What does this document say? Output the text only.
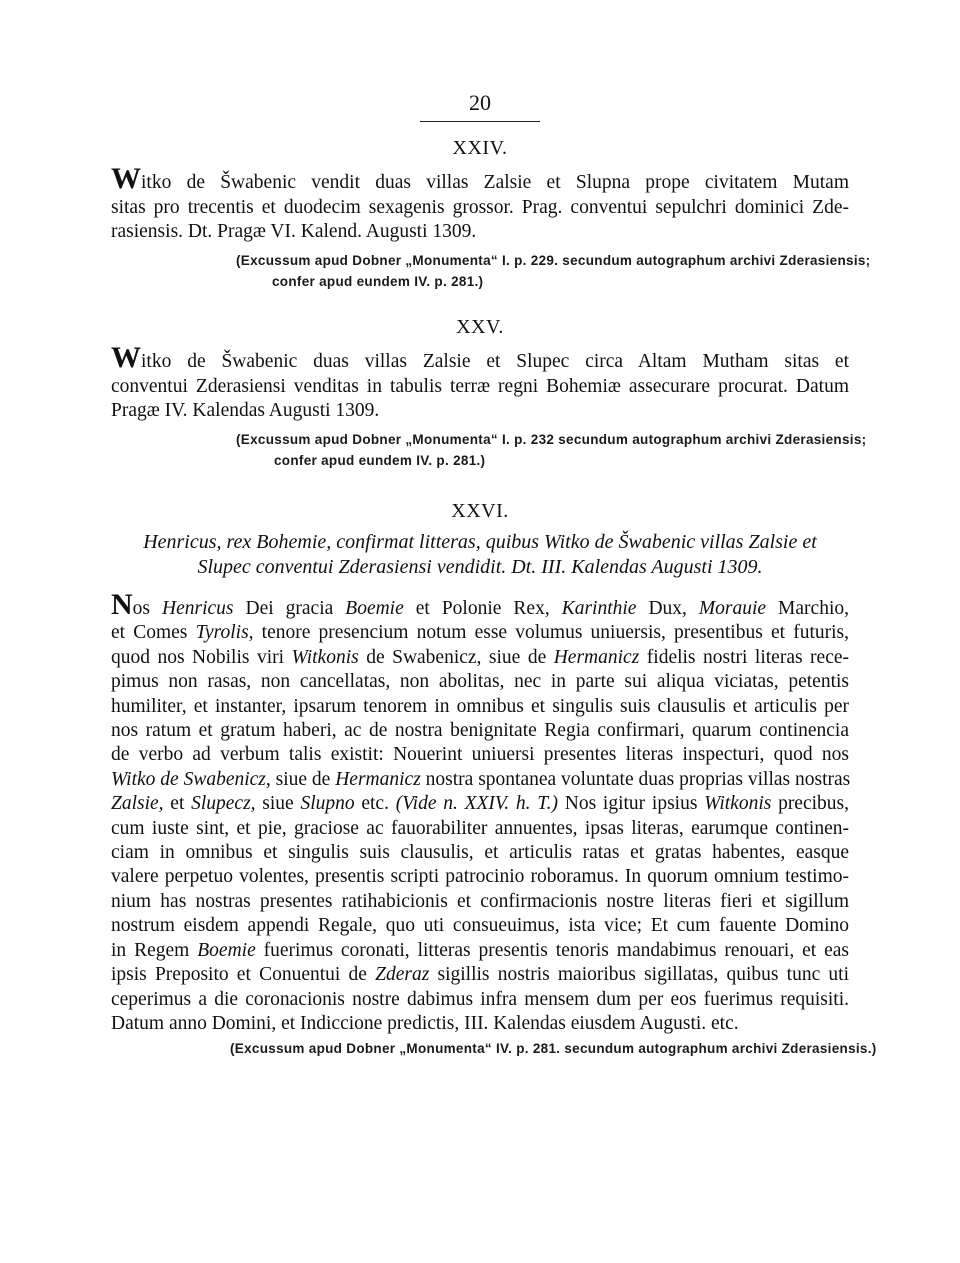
20
XXIV.
Witko de Šwabenic vendit duas villas Zalsie et Slupna prope civitatem Mutam
sitas pro trecentis et duodecim sexagenis grossor. Prag. conventui sepulchri dominici Zde-
rasiensis. Dt. Pragæ VI. Kalend. Augusti 1309.
(Excussum apud Dobner „Monumenta“ I. p. 229. secundum autographum archivi Zderasiensis;
confer apud eundem IV. p. 281.)
XXV.
Witko de Šwabenic duas villas Zalsie et Slupec circa Altam Mutham sitas et
conventui Zderasiensi venditas in tabulis terræ regni Bohemiæ assecurare procurat. Datum
Pragæ IV. Kalendas Augusti 1309.
(Excussum apud Dobner „Monumenta“ I. p. 232 secundum autographum archivi Zderasiensis;
confer apud eundem IV. p. 281.)
XXVI.
Henricus, rex Bohemie, confirmat litteras, quibus Witko de Šwabenic villas Zalsie et
Slupec conventui Zderasiensi vendidit. Dt. III. Kalendas Augusti 1309.
Nos Henricus Dei gracia Boemie et Polonie Rex, Karinthie Dux, Morauie Marchio,
et Comes Tyrolis, tenore presencium notum esse volumus uniuersis, presentibus et futuris,
quod nos Nobilis viri Witkonis de Swabenicz, siue de Hermanicz fidelis nostri literas rece-
pimus non rasas, non cancellatas, non abolitas, nec in parte sui aliqua viciatas, petentis
humiliter, et instanter, ipsarum tenorem in omnibus et singulis suis clausulis et articulis per
nos ratum et gratum haberi, ac de nostra benignitate Regia confirmari, quarum continencia
de verbo ad verbum talis existit: Nouerint uniuersi presentes literas inspecturi, quod nos
Witko de Swabenicz, siue de Hermanicz nostra spontanea voluntate duas proprias villas nostras
Zalsie, et Slupecz, siue Slupno etc. (Vide n. XXIV. h. T.) Nos igitur ipsius Witkonis precibus,
cum iuste sint, et pie, graciose ac fauorabiliter annuentes, ipsas literas, earumque continen-
ciam in omnibus et singulis suis clausulis, et articulis ratas et gratas habentes, easque
valere perpetuo volentes, presentis scripti patrocinio roboramus. In quorum omnium testimo-
nium has nostras presentes ratihabicionis et confirmacionis nostre literas fieri et sigillum
nostrum eisdem appendi Regale, quo uti consueuimus, ista vice; Et cum fauente Domino
in Regem Boemie fuerimus coronati, litteras presentis tenoris mandabimus renouari, et eas
ipsis Preposito et Conuentui de Zderaz sigillis nostris maioribus sigillatas, quibus tunc uti
ceperimus a die coronacionis nostre dabimus infra mensem dum per eos fuerimus requisiti.
Datum anno Domini, et Indiccione predictis, III. Kalendas eiusdem Augusti. etc.
(Excussum apud Dobner „Monumenta“ IV. p. 281. secundum autographum archivi Zderasiensis.)
